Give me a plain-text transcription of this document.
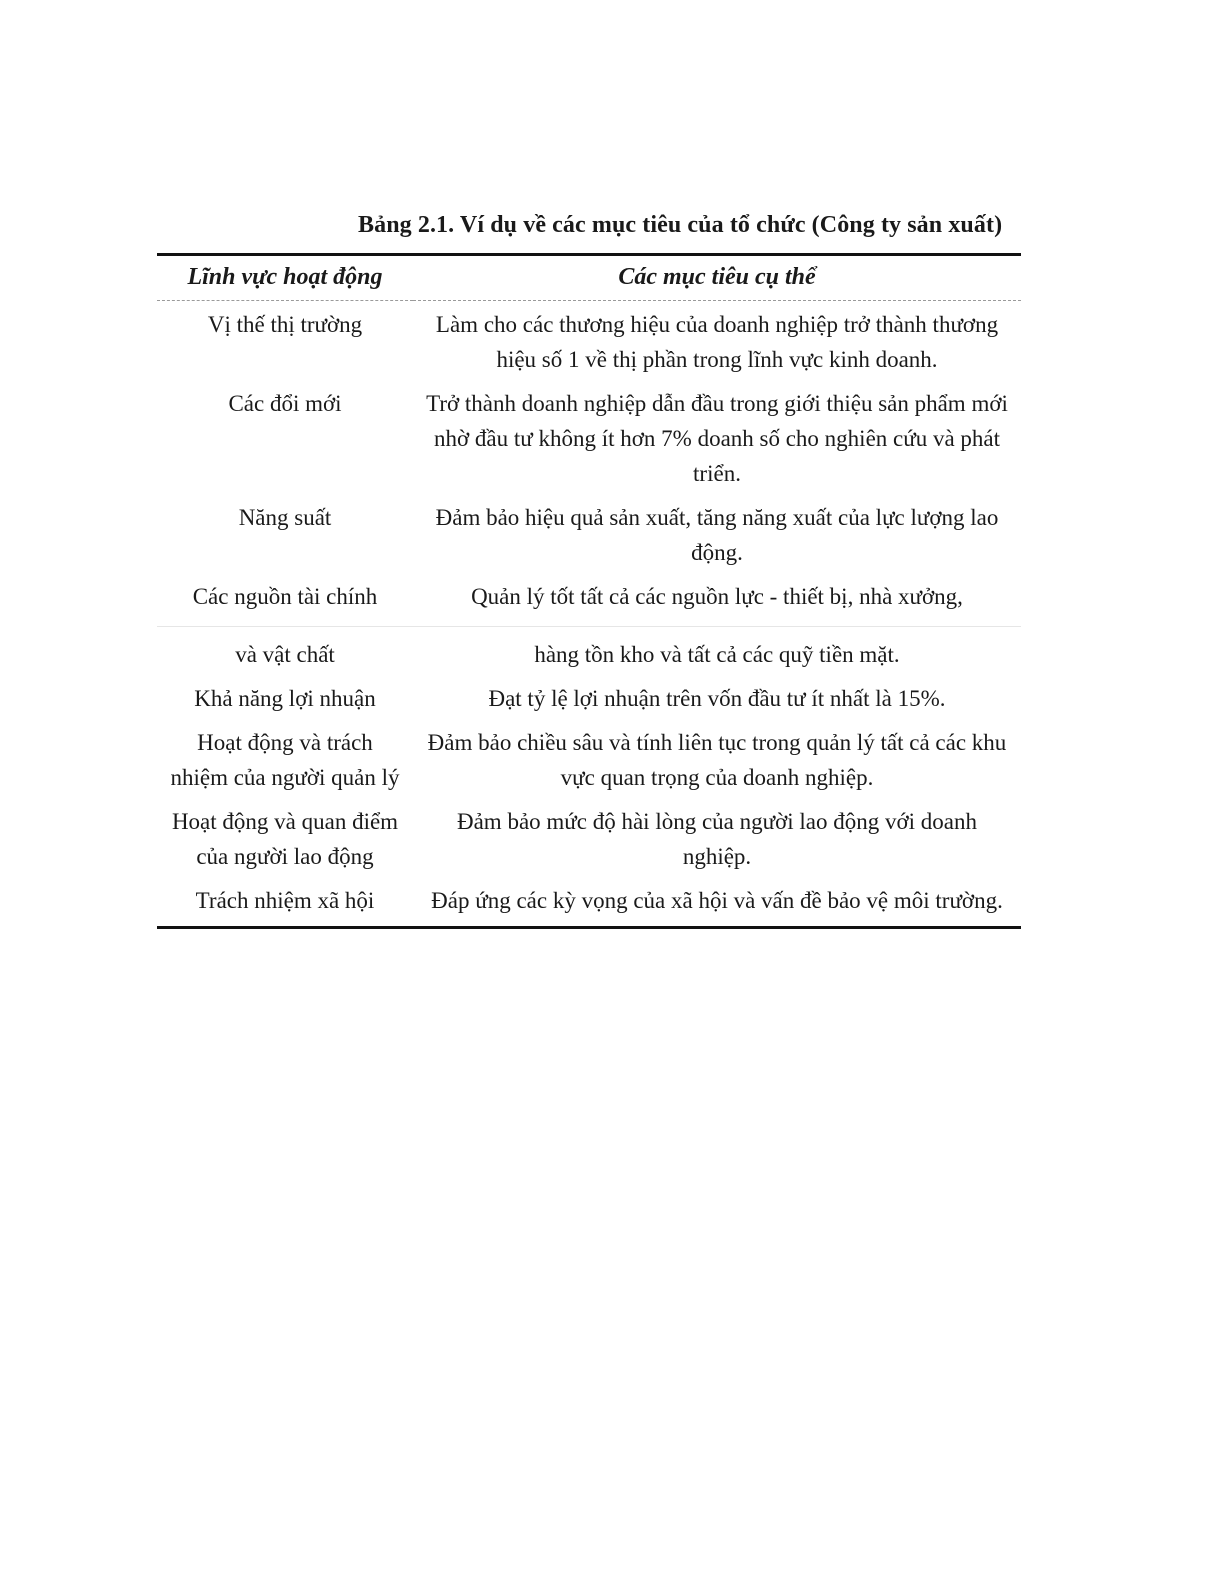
Bảng 2.1. Ví dụ về các mục tiêu của tổ chức (Công ty sản xuất)
Lĩnh vực hoạt động	Các mục tiêu cụ thể
Vị thế thị trường	Làm cho các thương hiệu của doanh nghiệp trở thành thương hiệu số 1 về thị phần trong lĩnh vực kinh doanh.
Các đổi mới	Trở thành doanh nghiệp dẫn đầu trong giới thiệu sản phẩm mới nhờ đầu tư không ít hơn 7% doanh số cho nghiên cứu và phát triển.
Năng suất	Đảm bảo hiệu quả sản xuất, tăng năng xuất của lực lượng lao động.
Các nguồn tài chính	Quản lý tốt tất cả các nguồn lực - thiết bị, nhà xưởng,
và vật chất	hàng tồn kho và tất cả các quỹ tiền mặt.
Khả năng lợi nhuận	Đạt tỷ lệ lợi nhuận trên vốn đầu tư ít nhất là 15%.
Hoạt động và trách nhiệm của người quản lý	Đảm bảo chiều sâu và tính liên tục trong quản lý tất cả các khu vực quan trọng của doanh nghiệp.
Hoạt động và quan điểm của người lao động	Đảm bảo mức độ hài lòng của người lao động với doanh nghiệp.
Trách nhiệm xã hội	Đáp ứng các kỳ vọng của xã hội và vấn đề bảo vệ môi trường.
